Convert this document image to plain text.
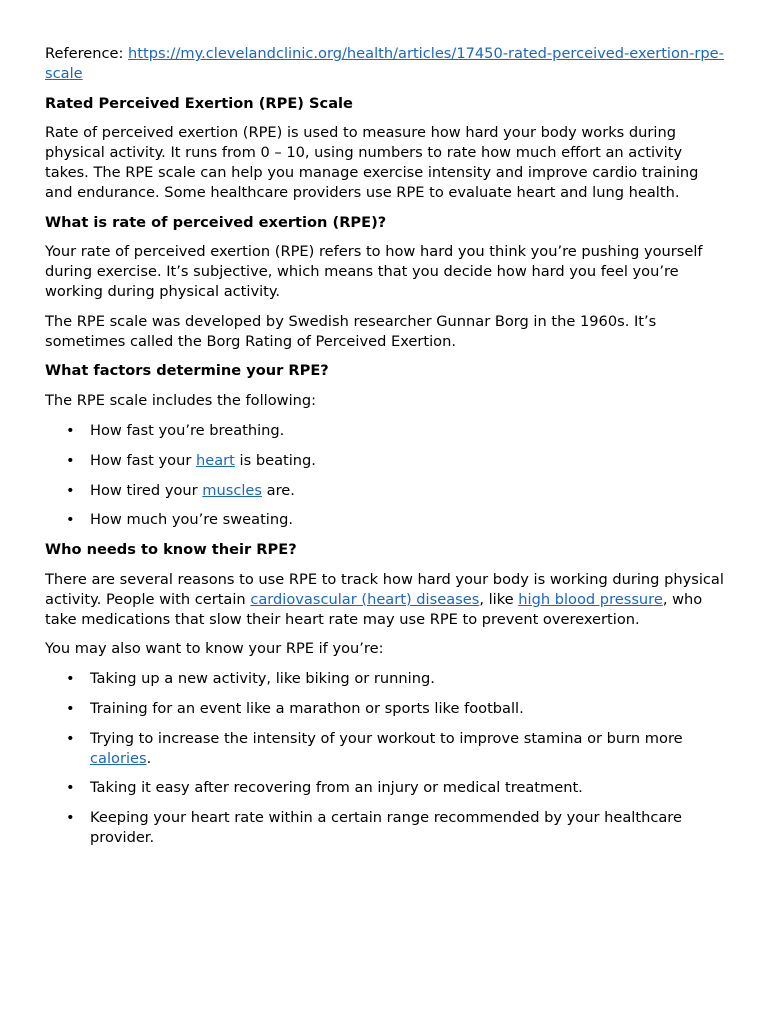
Reference: https://my.clevelandclinic.org/health/articles/17450-rated-perceived-exertion-rpe-scale

Rated Perceived Exertion (RPE) Scale

Rate of perceived exertion (RPE) is used to measure how hard your body works during physical activity. It runs from 0 – 10, using numbers to rate how much effort an activity takes. The RPE scale can help you manage exercise intensity and improve cardio training and endurance. Some healthcare providers use RPE to evaluate heart and lung health.

What is rate of perceived exertion (RPE)?

Your rate of perceived exertion (RPE) refers to how hard you think you’re pushing yourself during exercise. It’s subjective, which means that you decide how hard you feel you’re working during physical activity.

The RPE scale was developed by Swedish researcher Gunnar Borg in the 1960s. It’s sometimes called the Borg Rating of Perceived Exertion.

What factors determine your RPE?

The RPE scale includes the following:

• How fast you’re breathing.
• How fast your heart is beating.
• How tired your muscles are.
• How much you’re sweating.
Who needs to know their RPE?

There are several reasons to use RPE to track how hard your body is working during physical activity. People with certain cardiovascular (heart) diseases, like high blood pressure, who take medications that slow their heart rate may use RPE to prevent overexertion.

You may also want to know your RPE if you’re:

• Taking up a new activity, like biking or running.
• Training for an event like a marathon or sports like football.
• Trying to increase the intensity of your workout to improve stamina or burn more calories.
• Taking it easy after recovering from an injury or medical treatment.
• Keeping your heart rate within a certain range recommended by your healthcare provider.
